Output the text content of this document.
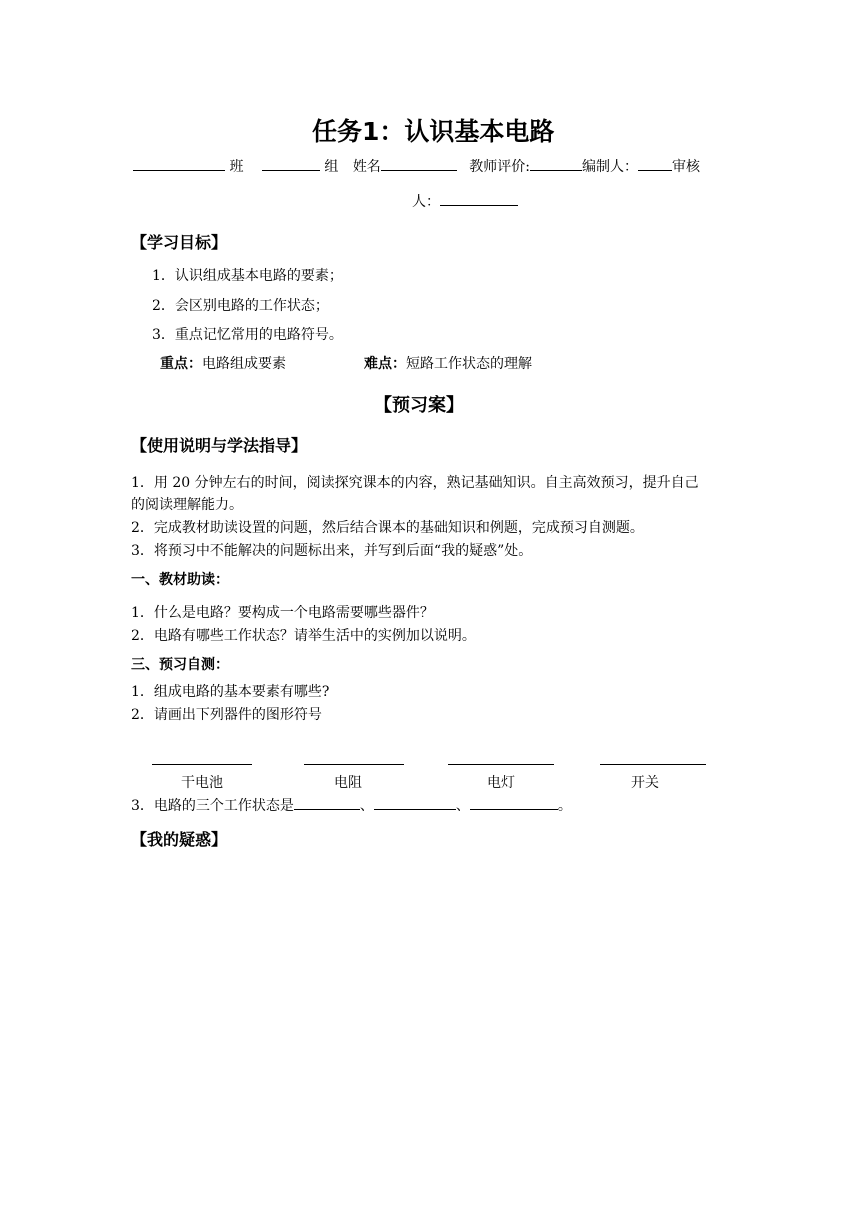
任务1：认识基本电路
班	组 姓名	教师评价:	编制人： 审核
人：
【学习目标】
1．认识组成基本电路的要素；
2．会区别电路的工作状态；
3．重点记忆常用的电路符号。
重点：电路组成要素	难点：短路工作状态的理解
【预习案】
【使用说明与学法指导】
1．用 20 分钟左右的时间，阅读探究课本的内容，熟记基础知识。自主高效预习，提升自己
的阅读理解能力。
2．完成教材助读设置的问题，然后结合课本的基础知识和例题，完成预习自测题。
3．将预习中不能解决的问题标出来，并写到后面“我的疑惑”处。
一、教材助读：
1．什么是电路？要构成一个电路需要哪些器件？
2．电路有哪些工作状态？请举生活中的实例加以说明。
三、预习自测：
1．组成电路的基本要素有哪些?
2．请画出下列器件的图形符号
干电池	电阻	电灯	开关
3．电路的三个工作状态是	、	、	。
【我的疑惑】
